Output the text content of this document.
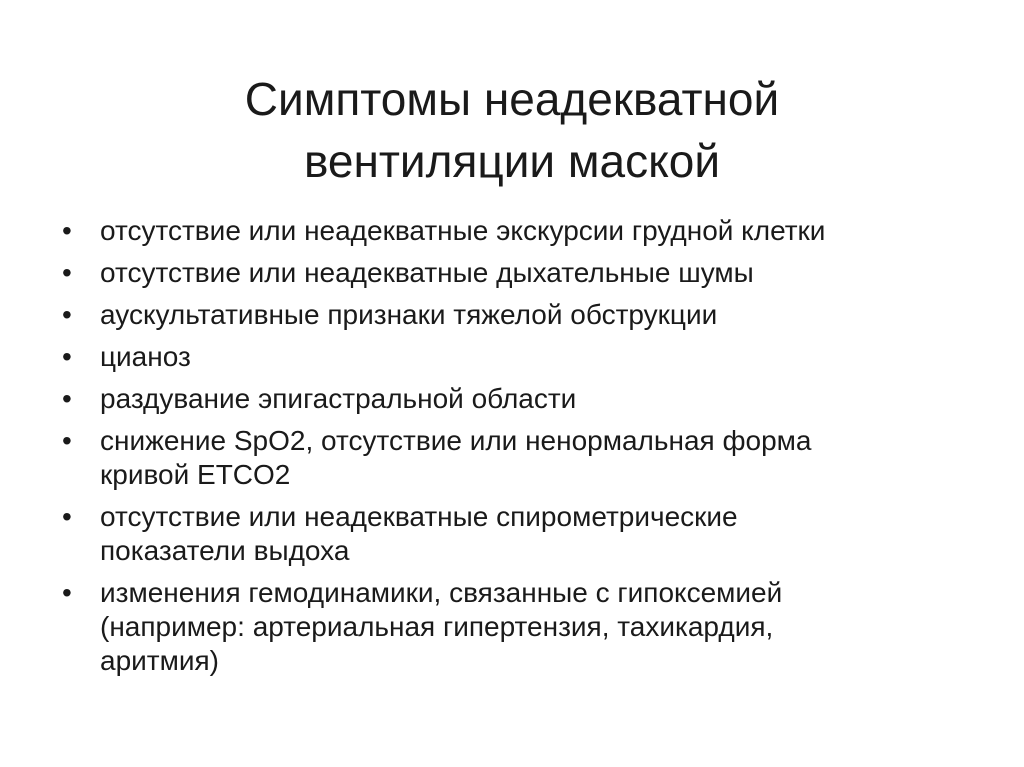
Симптомы неадекватной
вентиляции маской
• отсутствие или неадекватные экскурсии грудной клетки
• отсутствие или неадекватные дыхательные шумы
• аускультативные признаки тяжелой обструкции
• цианоз
• раздувание эпигастральной области
• снижение SpO2, отсутствие или ненормальная форма
кривой ETCO2
• отсутствие или неадекватные спирометрические
показатели выдоха
• изменения гемодинамики, связанные с гипоксемией
(например: артериальная гипертензия, тахикардия,
аритмия)
